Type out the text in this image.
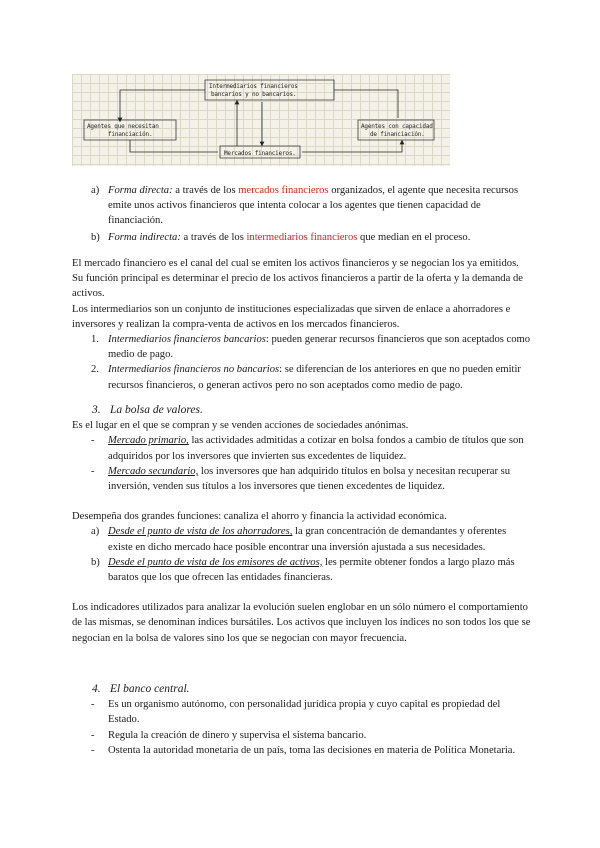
Intermediarios financieros
bancarios y no bancarios.
Agentes que necesitan
financiación.
Agentes con capacidad
de financiación.
Mercados financieros.
a) Forma directa: a través de los mercados financieros organizados, el agente que necesita recursos emite unos activos financieros que intenta colocar a los agentes que tienen capacidad de financiación.
b) Forma indirecta: a través de los intermediarios financieros que median en el proceso.

El mercado financiero es el canal del cual se emiten los activos financieros y se negocian los ya emitidos. Su función principal es determinar el precio de los activos financieros a partir de la oferta y la demanda de activos.

Los intermediarios son un conjunto de instituciones especializadas que sirven de enlace a ahorradores e inversores y realizan la compra-venta de activos en los mercados financieros.

1. Intermediarios financieros bancarios: pueden generar recursos financieros que son aceptados como medio de pago.
2. Intermediarios financieros no bancarios: se diferencian de los anteriores en que no pueden emitir recursos financieros, o generan activos pero no son aceptados como medio de pago.
3. La bolsa de valores.

Es el lugar en el que se compran y se venden acciones de sociedades anónimas.

- Mercado primario, las actividades admitidas a cotizar en bolsa fondos a cambio de títulos que son adquiridos por los inversores que invierten sus excedentes de liquidez.
- Mercado secundario, los inversores que han adquirido títulos en bolsa y necesitan recuperar su inversión, venden sus títulos a los inversores que tienen excedentes de liquidez.

Desempeña dos grandes funciones: canaliza el ahorro y financia la actividad económica.

a) Desde el punto de vista de los ahorradores, la gran concentración de demandantes y oferentes existe en dicho mercado hace posible encontrar una inversión ajustada a sus necesidades.
b) Desde el punto de vista de los emisores de activos, les permite obtener fondos a largo plazo más baratos que los que ofrecen las entidades financieras.

Los indicadores utilizados para analizar la evolución suelen englobar en un sólo número el comportamiento de las mismas, se denominan índices bursátiles. Los activos que incluyen los índices no son todos los que se negocian en la bolsa de valores sino los que se negocian con mayor frecuencia.

4. El banco central.
- Es un organismo autónomo, con personalidad jurídica propia y cuyo capital es propiedad del Estado.
- Regula la creación de dinero y supervisa el sistema bancario.
- Ostenta la autoridad monetaria de un país, toma las decisiones en materia de Política Monetaria.
